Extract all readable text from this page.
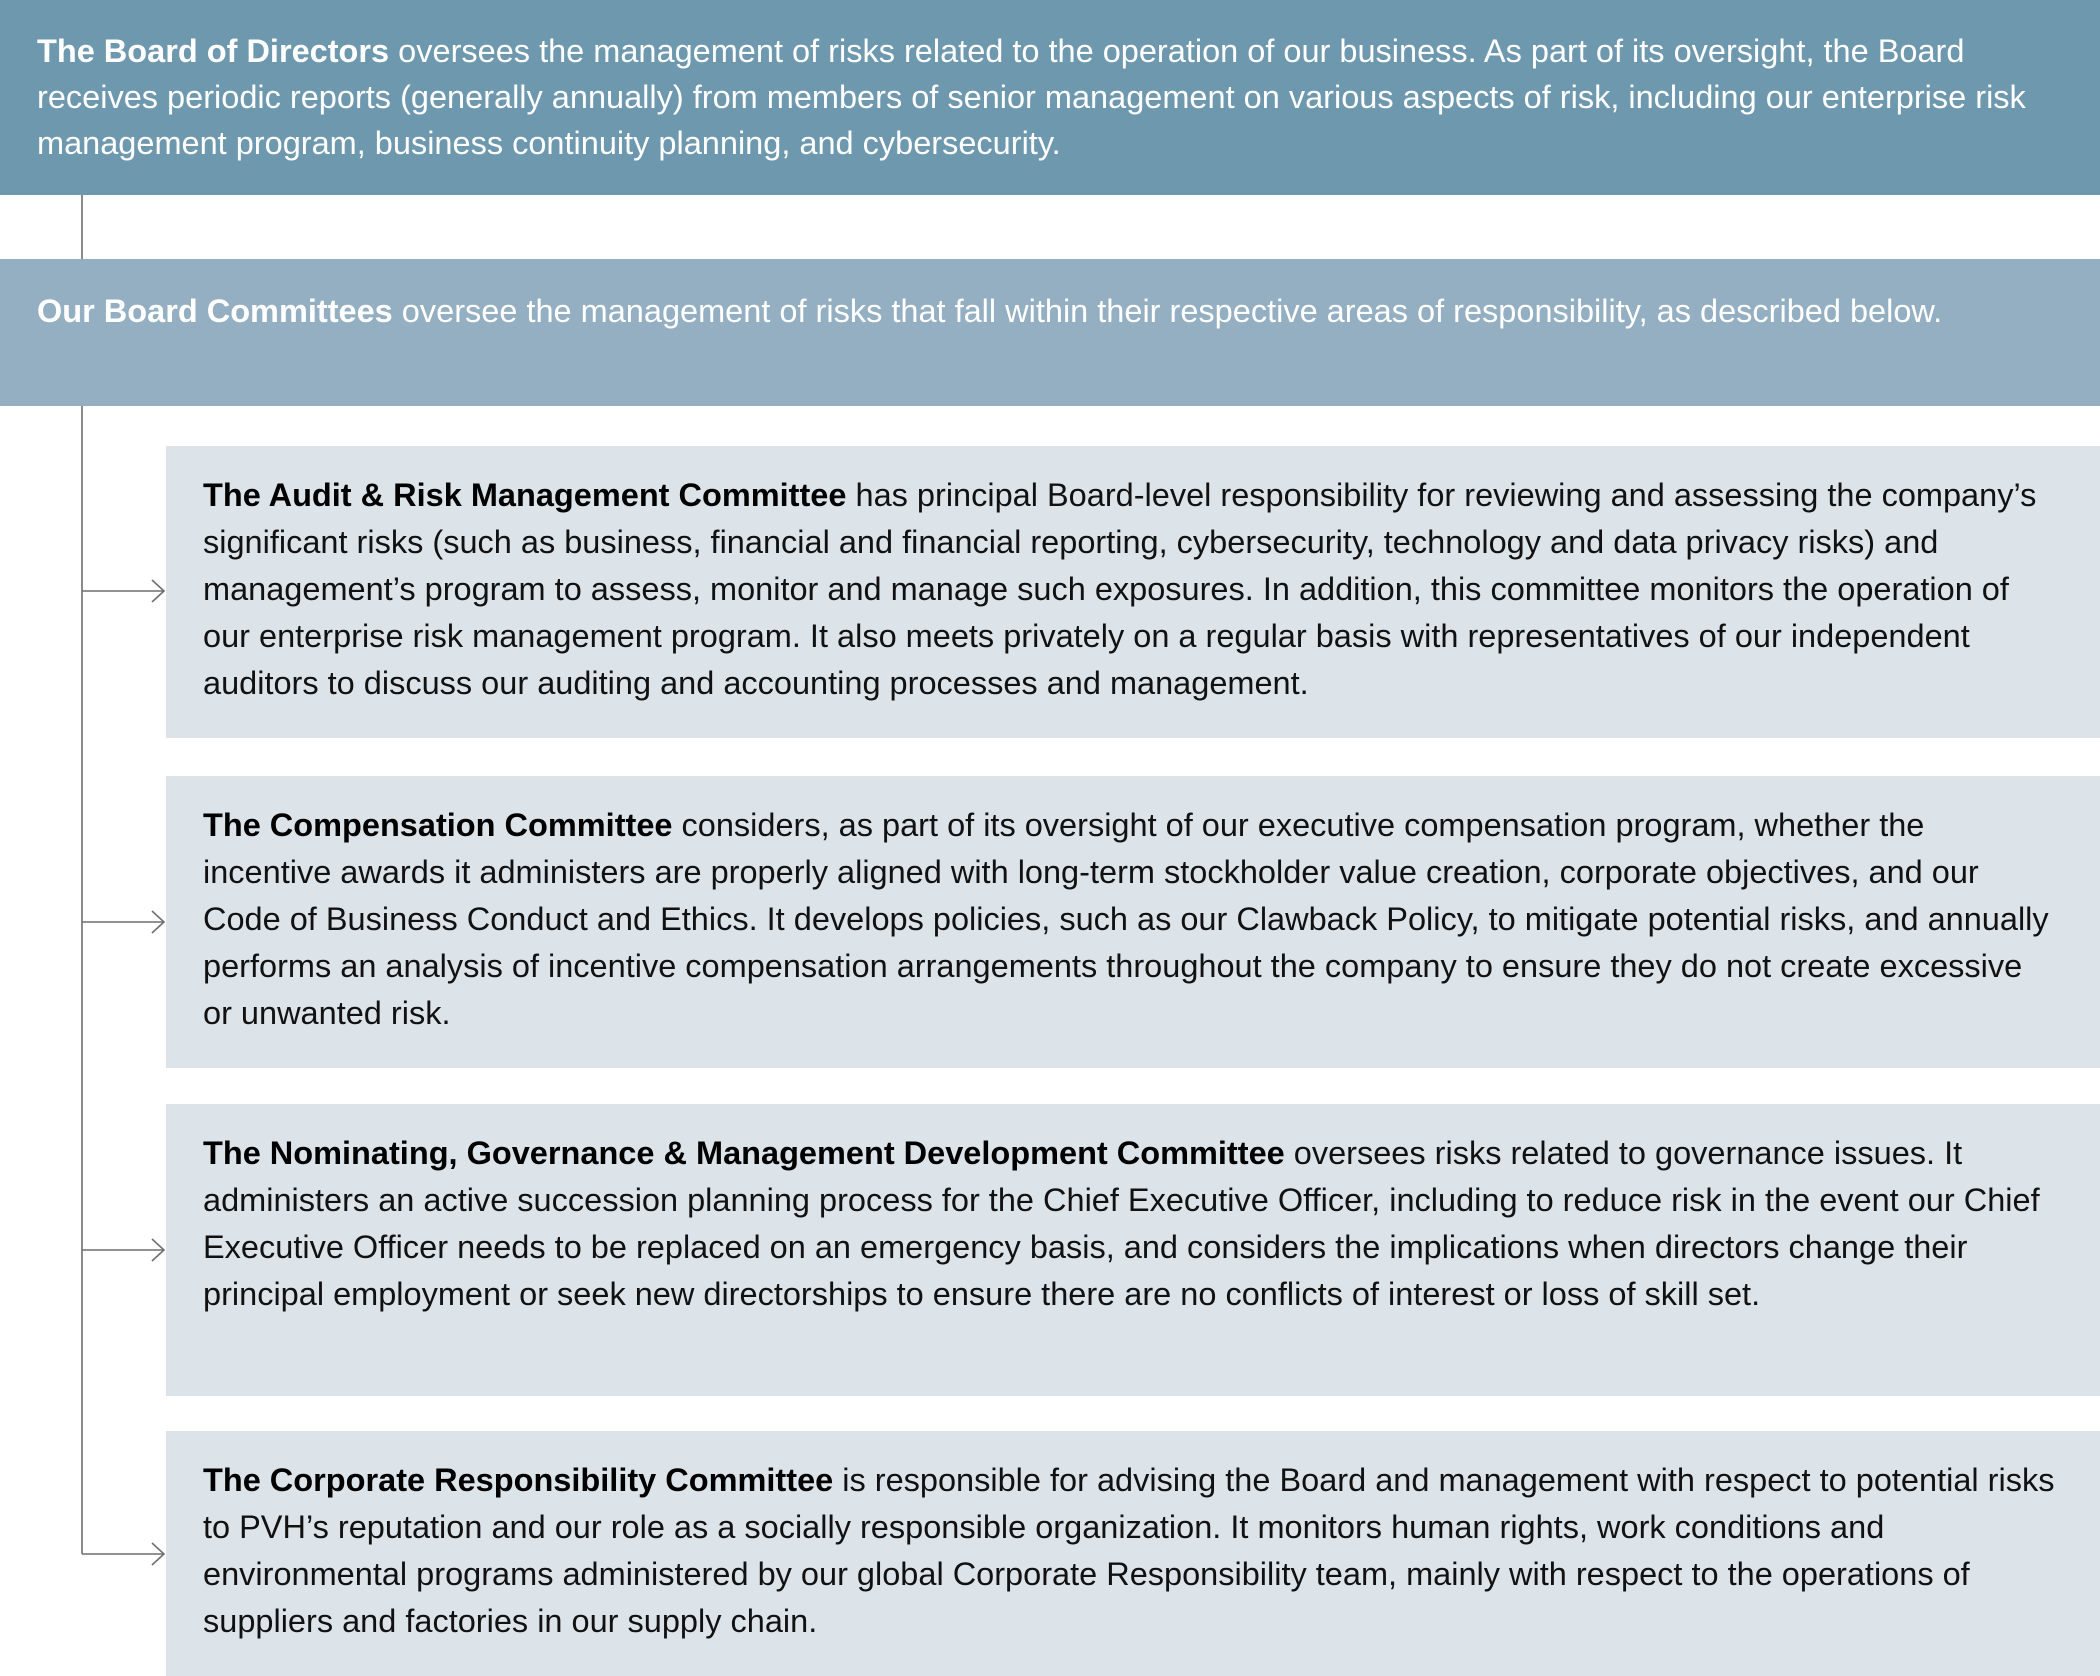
The Board of Directors oversees the management of risks related to the operation of our business. As part of its oversight, the Board receives periodic reports (generally annually) from members of senior management on various aspects of risk, including our enterprise risk management program, business continuity planning, and cybersecurity.
Our Board Committees oversee the management of risks that fall within their respective areas of responsibility, as described below.
The Audit & Risk Management Committee has principal Board-level responsibility for reviewing and assessing the company’s significant risks (such as business, financial and financial reporting, cybersecurity, technology and data privacy risks) and management’s program to assess, monitor and manage such exposures. In addition, this committee monitors the operation of our enterprise risk management program. It also meets privately on a regular basis with representatives of our independent auditors to discuss our auditing and accounting processes and management.
The Compensation Committee considers, as part of its oversight of our executive compensation program, whether the incentive awards it administers are properly aligned with long-term stockholder value creation, corporate objectives, and our Code of Business Conduct and Ethics. It develops policies, such as our Clawback Policy, to mitigate potential risks, and annually performs an analysis of incentive compensation arrangements throughout the company to ensure they do not create excessive or unwanted risk.
The Nominating, Governance & Management Development Committee oversees risks related to governance issues. It administers an active succession planning process for the Chief Executive Officer, including to reduce risk in the event our Chief Executive Officer needs to be replaced on an emergency basis, and considers the implications when directors change their principal employment or seek new directorships to ensure there are no conflicts of interest or loss of skill set.
The Corporate Responsibility Committee is responsible for advising the Board and management with respect to potential risks to PVH’s reputation and our role as a socially responsible organization. It monitors human rights, work conditions and environmental programs administered by our global Corporate Responsibility team, mainly with respect to the operations of suppliers and factories in our supply chain.
